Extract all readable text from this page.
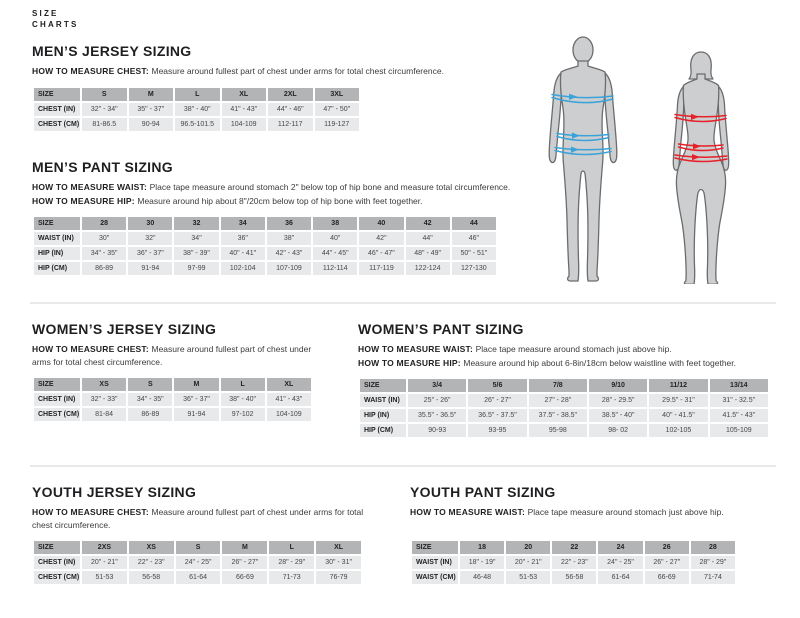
SIZE
CHARTS
MEN’S JERSEY SIZING

HOW TO MEASURE CHEST: Measure around fullest part of chest under arms for total chest circumference.

SIZE	S	M	L	XL	2XL	3XL
CHEST (IN)	32" - 34"	35" - 37"	38" - 40"	41" - 43"	44" - 46"	47" - 50"
CHEST (CM)	81-86.5	90-94	96.5-101.5	104-109	112-117	119-127
MEN’S PANT SIZING

HOW TO MEASURE WAIST: Place tape measure around stomach 2" below top of hip bone and measure total circumference.

HOW TO MEASURE HIP: Measure around hip about 8"/20cm below top of hip bone with feet together.

SIZE	28	30	32	34	36	38	40	42	44
WAIST (IN)	30"	32"	34"	36"	38"	40"	42"	44"	46"
HIP (IN)	34" - 35"	36" - 37"	38" - 39"	40" - 41"	42" - 43"	44" - 45"	46" - 47"	48" - 49"	50" - 51"
HIP (CM)	86-89	91-94	97-99	102-104	107-109	112-114	117-119	122-124	127-130
WOMEN’S JERSEY SIZING

HOW TO MEASURE CHEST: Measure around fullest part of chest under arms for total chest circumference.

SIZE	XS	S	M	L	XL
CHEST (IN)	32" - 33"	34" - 35"	36" - 37"	38" - 40"	41" - 43"
CHEST (CM)	81-84	86-89	91-94	97-102	104-109
WOMEN’S PANT SIZING

HOW TO MEASURE WAIST: Place tape measure around stomach just above hip.

HOW TO MEASURE HIP: Measure around hip about 6-8in/18cm below waistline with feet together.

SIZE	3/4	5/6	7/8	9/10	11/12	13/14
WAIST (IN)	25" - 26"	26" - 27"	27" - 28"	28" - 29.5"	29.5" - 31"	31" - 32.5"
HIP (IN)	35.5" - 36.5"	36.5" - 37.5"	37.5" - 38.5"	38.5" - 40"	40" - 41.5"	41.5" - 43"
HIP (CM)	90-93	93-95	95-98	98- 02	102-105	105-109
YOUTH JERSEY SIZING

HOW TO MEASURE CHEST: Measure around fullest part of chest under arms for total chest circumference.

SIZE	2XS	XS	S	M	L	XL
CHEST (IN)	20" - 21"	22" - 23"	24" - 25"	26" - 27"	28" - 29"	30" - 31"
CHEST (CM)	51-53	56-58	61-64	66-69	71-73	76-79
YOUTH PANT SIZING

HOW TO MEASURE WAIST: Place tape measure around stomach just above hip.

SIZE	18	20	22	24	26	28
WAIST (IN)	18" - 19"	20" - 21"	22" - 23"	24" - 25"	26" - 27"	28" - 29"
WAIST (CM)	46-48	51-53	56-58	61-64	66-69	71-74
